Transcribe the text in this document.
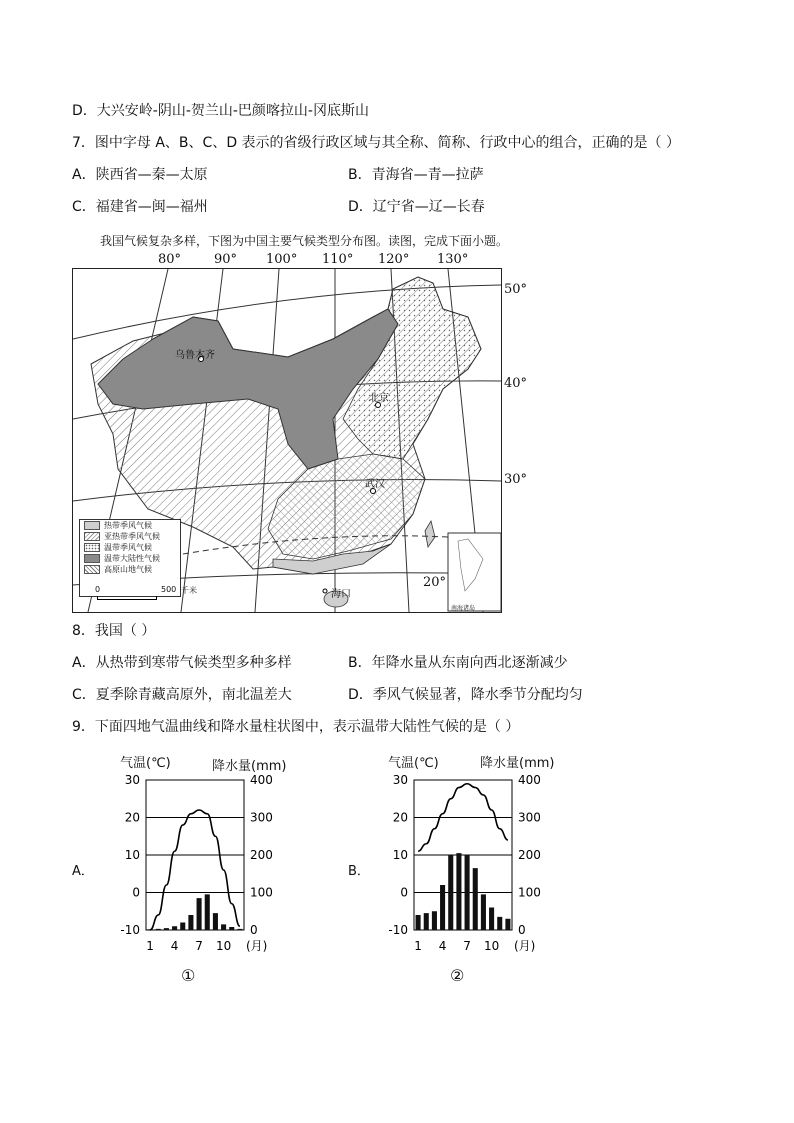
D．大兴安岭-阴山-贺兰山-巴颜喀拉山-冈底斯山
7．图中字母 A、B、C、D 表示的省级行政区域与其全称、简称、行政中心的组合，正确的是（ ）
A．陕西省—秦—太原	B．青海省—青—拉萨
C．福建省—闽—福州	D．辽宁省—辽—长春
我国气候复杂多样，下图为中国主要气候类型分布图。读图，完成下面小题。
80°	90° 100° 110° 120° 130°
50°
40°
30°
20°
乌鲁木齐
北京
武汉
海口
南海诸岛
热带季风气候
亚热带季风气候
温带季风气候
温带大陆性气候
高原山地气候
0	500 千米
8．我国（ ）
A．从热带到寒带气候类型多种多样	B．年降水量从东南向西北逐渐减少
C．夏季除青藏高原外，南北温差大	D．季风气候显著，降水季节分配均匀
9．下面四地气温曲线和降水量柱状图中，表示温带大陆性气候的是（ ）
A．
气温(℃)	降水量(mm)
30
20
10
0
-10
400
300
200
100
0
1 4 7 10 (月)
①
B．
气温(℃)	降水量(mm)
30
20
10
0
-10
400
300
200
100
0
1 4 7 10 (月)
②
